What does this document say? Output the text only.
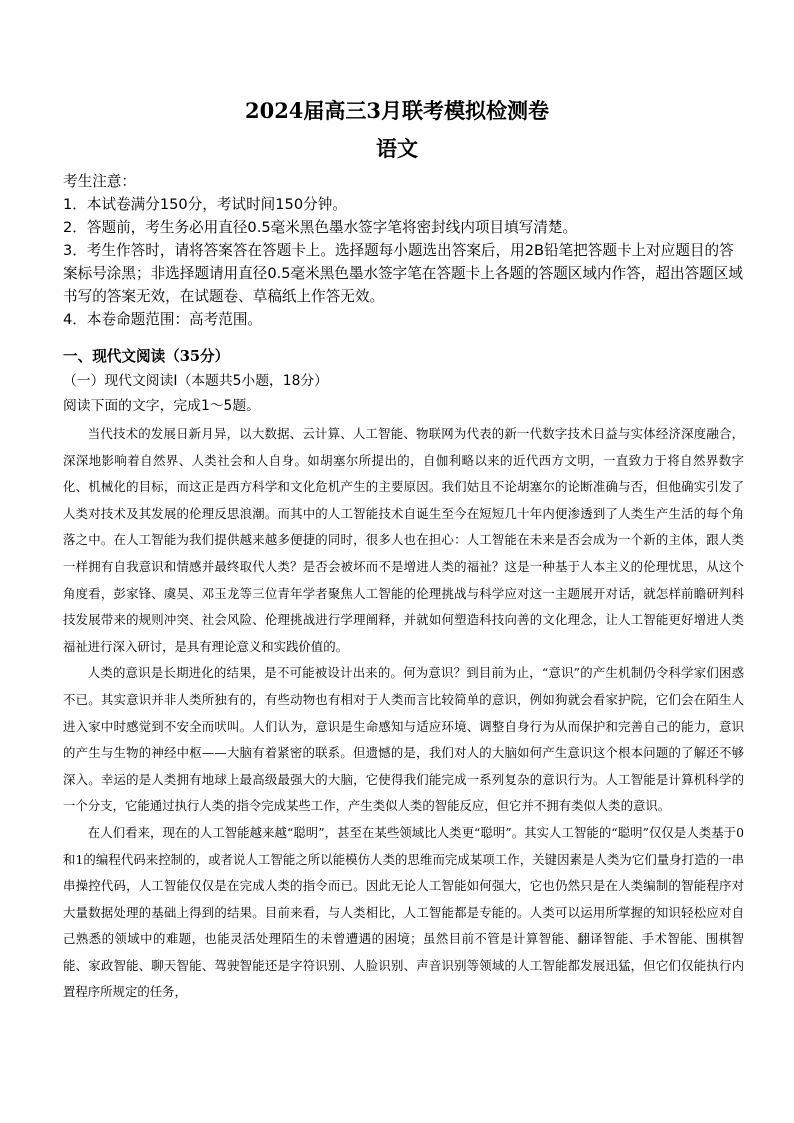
2024届高三3月联考模拟检测卷
语文

考生注意：

1．本试卷满分150分，考试时间150分钟。

2．答题前，考生务必用直径0.5毫米黑色墨水签字笔将密封线内项目填写清楚。

3．考生作答时，请将答案答在答题卡上。选择题每小题选出答案后，用2B铅笔把答题卡上对应题目的答案标号涂黑；非选择题请用直径0.5毫米黑色墨水签字笔在答题卡上各题的答题区域内作答，超出答题区域书写的答案无效，在试题卷、草稿纸上作答无效。

4．本卷命题范围：高考范围。

一、现代文阅读（35分）

（一）现代文阅读Ⅰ（本题共5小题，18分）

阅读下面的文字，完成1～5题。

当代技术的发展日新月异，以大数据、云计算、人工智能、物联网为代表的新一代数字技术日益与实体经济深度融合，深深地影响着自然界、人类社会和人自身。如胡塞尔所提出的，自伽利略以来的近代西方文明，一直致力于将自然界数字化、机械化的目标，而这正是西方科学和文化危机产生的主要原因。我们姑且不论胡塞尔的论断准确与否，但他确实引发了人类对技术及其发展的伦理反思浪潮。而其中的人工智能技术自诞生至今在短短几十年内便渗透到了人类生产生活的每个角落之中。在人工智能为我们提供越来越多便捷的同时，很多人也在担心：人工智能在未来是否会成为一个新的主体，跟人类一样拥有自我意识和情感并最终取代人类？是否会被坏而不是增进人类的福祉？这是一种基于人本主义的伦理忧思，从这个角度看，彭家锋、虞昊、邓玉龙等三位青年学者聚焦人工智能的伦理挑战与科学应对这一主题展开对话，就怎样前瞻研判科技发展带来的规则冲突、社会风险、伦理挑战进行学理阐释，并就如何塑造科技向善的文化理念，让人工智能更好增进人类福祉进行深入研讨，是具有理论意义和实践价值的。

人类的意识是长期进化的结果，是不可能被设计出来的。何为意识？到目前为止，“意识”的产生机制仍令科学家们困惑不已。其实意识并非人类所独有的，有些动物也有相对于人类而言比较简单的意识，例如狗就会看家护院，它们会在陌生人进入家中时感觉到不安全而吠叫。人们认为，意识是生命感知与适应环境、调整自身行为从而保护和完善自己的能力，意识的产生与生物的神经中枢——大脑有着紧密的联系。但遗憾的是，我们对人的大脑如何产生意识这个根本问题的了解还不够深入。幸运的是人类拥有地球上最高级最强大的大脑，它使得我们能完成一系列复杂的意识行为。人工智能是计算机科学的一个分支，它能通过执行人类的指令完成某些工作，产生类似人类的智能反应，但它并不拥有类似人类的意识。

在人们看来，现在的人工智能越来越“聪明”，甚至在某些领域比人类更“聪明”。其实人工智能的“聪明”仅仅是人类基于0和1的编程代码来控制的，或者说人工智能之所以能模仿人类的思维而完成某项工作，关键因素是人类为它们量身打造的一串串操控代码，人工智能仅仅是在完成人类的指令而已。因此无论人工智能如何强大，它也仍然只是在人类编制的智能程序对大量数据处理的基础上得到的结果。目前来看，与人类相比，人工智能都是专能的。人类可以运用所掌握的知识轻松应对自己熟悉的领域中的难题，也能灵活处理陌生的未曾遭遇的困境；虽然目前不管是计算智能、翻译智能、手术智能、围棋智能、家政智能、聊天智能、驾驶智能还是字符识别、人脸识别、声音识别等领域的人工智能都发展迅猛，但它们仅能执行内置程序所规定的任务，
